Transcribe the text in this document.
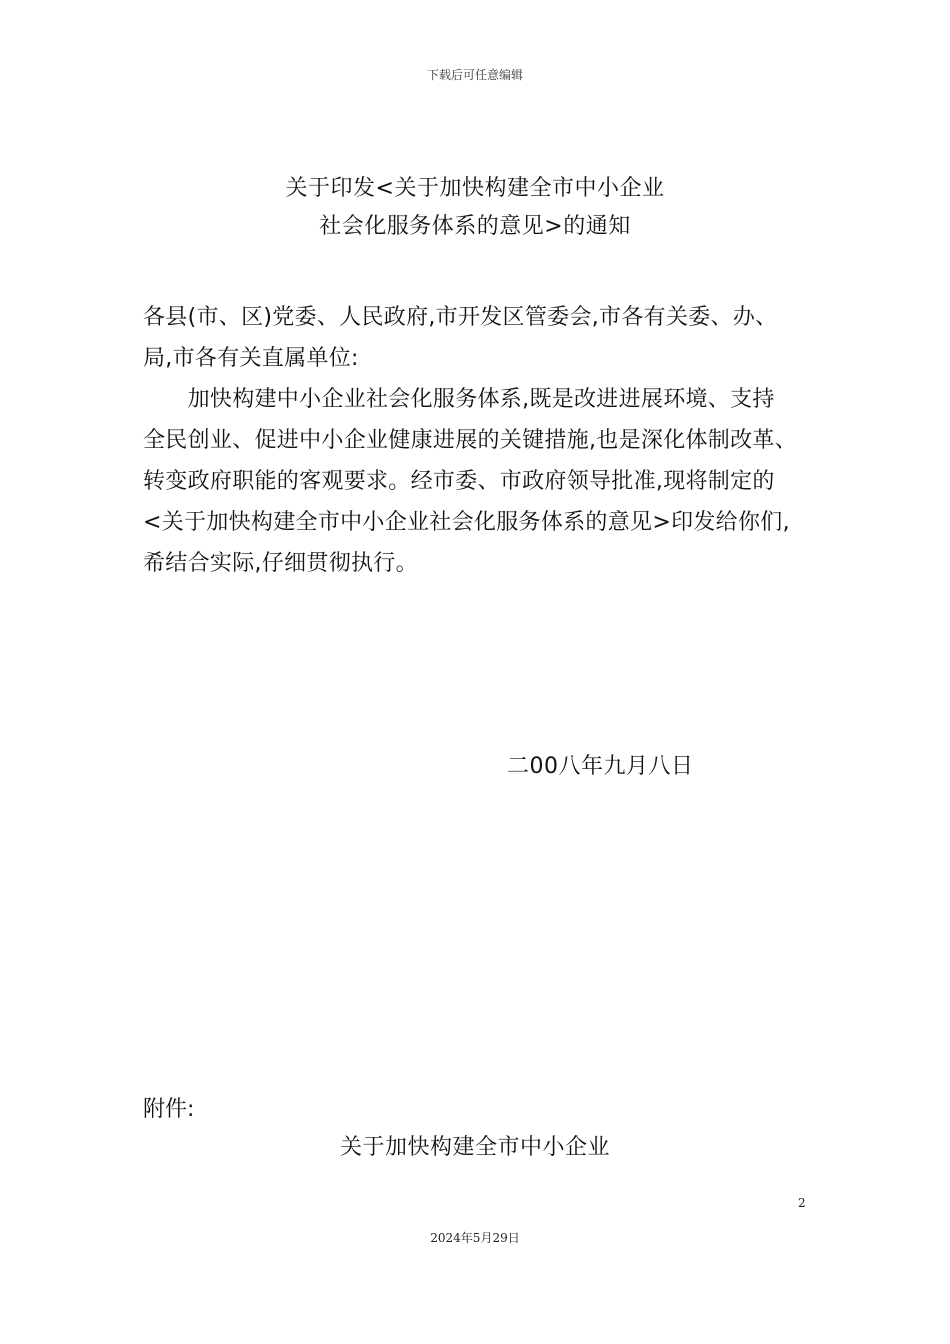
下载后可任意编辑
关于印发<关于加快构建全市中小企业
社会化服务体系的意见>的通知
各县(市、区)党委、人民政府,市开发区管委会,市各有关委、办、
局,市各有关直属单位:
　　加快构建中小企业社会化服务体系,既是改进进展环境、支持
全民创业、促进中小企业健康进展的关键措施,也是深化体制改革、
转变政府职能的客观要求。经市委、市政府领导批准,现将制定的
<关于加快构建全市中小企业社会化服务体系的意见>印发给你们,
希结合实际,仔细贯彻执行。
二00八年九月八日
附件:
关于加快构建全市中小企业
2
2024年5月29日
